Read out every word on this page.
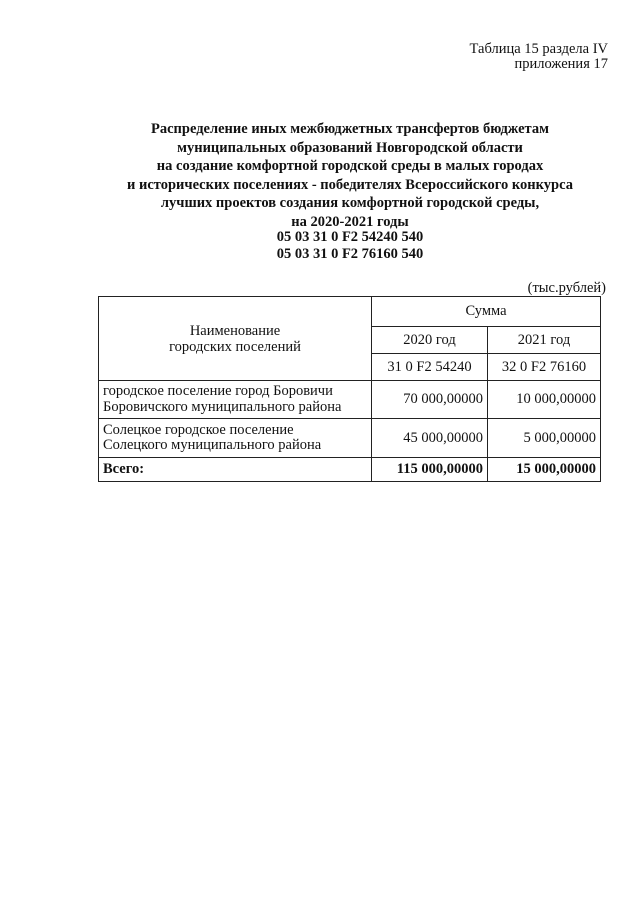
Таблица 15 раздела IV
приложения 17
Распределение иных межбюджетных трансфертов бюджетам
муниципальных образований Новгородской области
на создание комфортной городской среды в малых городах
и исторических поселениях - победителях Всероссийского конкурса
лучших проектов создания комфортной городской среды,
на 2020-2021 годы
05 03 31 0 F2 54240 540
05 03 31 0 F2 76160 540
(тыс.рублей)
Наименование
городских поселений	Сумма	
	2020 год	2021 год
	31 0 F2 54240	32 0 F2 76160

городское поселение город Боровичи
Боровичского муниципального района	70 000,00000	10 000,00000

Солецкое городское поселение
Солецкого муниципального района	45 000,00000	5 000,00000
Всего:	115 000,00000	15 000,00000
